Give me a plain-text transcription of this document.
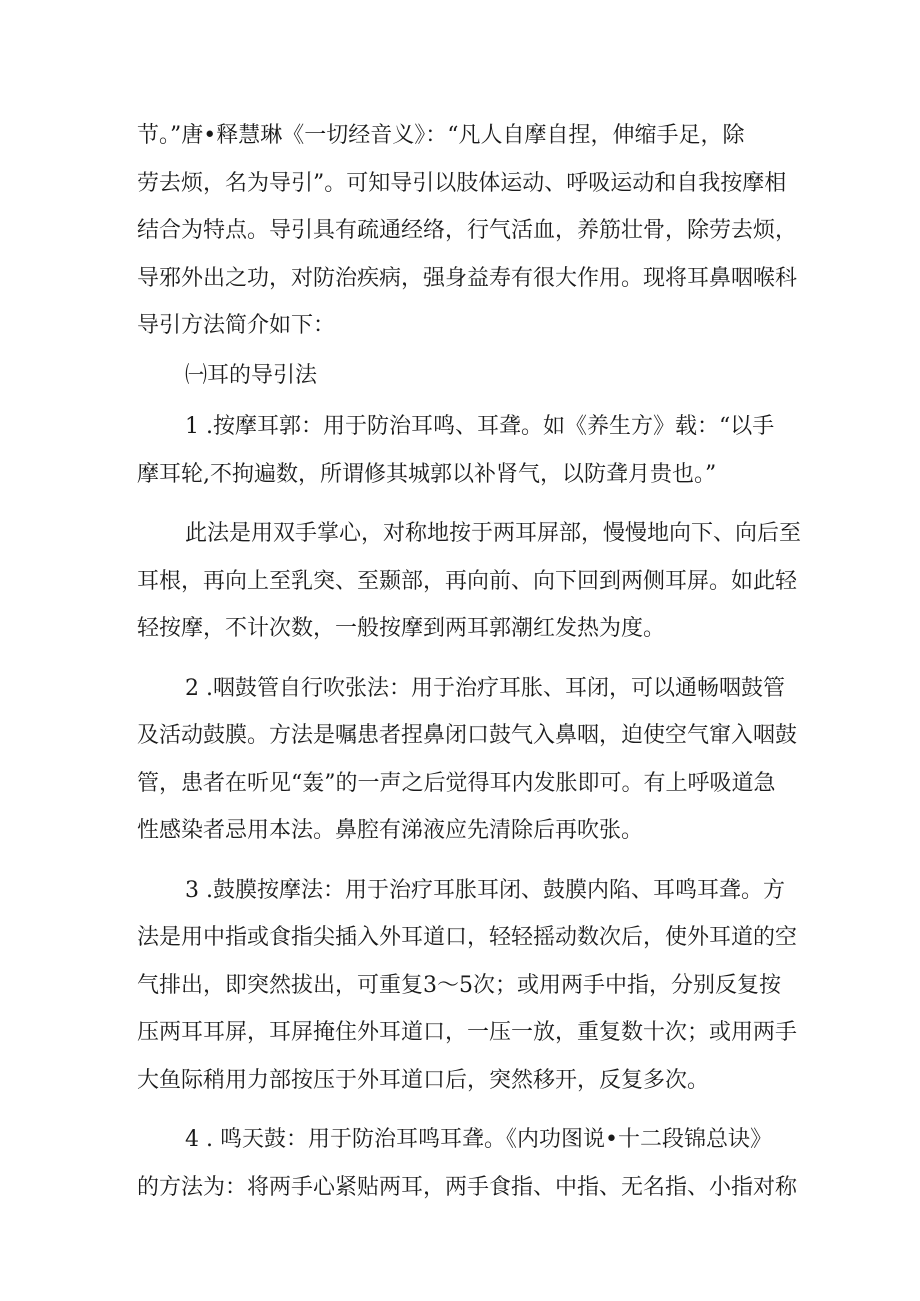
节。”唐•释慧琳《一切经音义》：“凡人自摩自捏，伸缩手足，除
劳去烦，名为导引”。可知导引以肢体运动、呼吸运动和自我按摩相
结合为特点。导引具有疏通经络，行气活血，养筋壮骨，除劳去烦，
导邪外出之功，对防治疾病，强身益寿有很大作用。现将耳鼻咽喉科
导引方法简介如下：

㈠耳的导引法

1 .按摩耳郭：用于防治耳鸣、耳聋。如《养生方》载：“以手
摩耳轮,不拘遍数，所谓修其城郭以补肾气，以防聋月贵也。”

此法是用双手掌心，对称地按于两耳屏部，慢慢地向下、向后至
耳根，再向上至乳突、至颞部，再向前、向下回到两侧耳屏。如此轻
轻按摩，不计次数，一般按摩到两耳郭潮红发热为度。

2 .咽鼓管自行吹张法：用于治疗耳胀、耳闭，可以通畅咽鼓管
及活动鼓膜。方法是嘱患者捏鼻闭口鼓气入鼻咽，迫使空气窜入咽鼓
管，患者在听见“轰”的一声之后觉得耳内发胀即可。有上呼吸道急
性感染者忌用本法。鼻腔有涕液应先清除后再吹张。

3 .鼓膜按摩法：用于治疗耳胀耳闭、鼓膜内陷、耳鸣耳聋。方
法是用中指或食指尖插入外耳道口，轻轻摇动数次后，使外耳道的空
气排出，即突然拔出，可重复3～5次；或用两手中指，分别反复按
压两耳耳屏，耳屏掩住外耳道口，一压一放，重复数十次；或用两手
大鱼际稍用力部按压于外耳道口后，突然移开，反复多次。

4 . 鸣天鼓：用于防治耳鸣耳聋。《内功图说•十二段锦总诀》
的方法为：将两手心紧贴两耳，两手食指、中指、无名指、小指对称
